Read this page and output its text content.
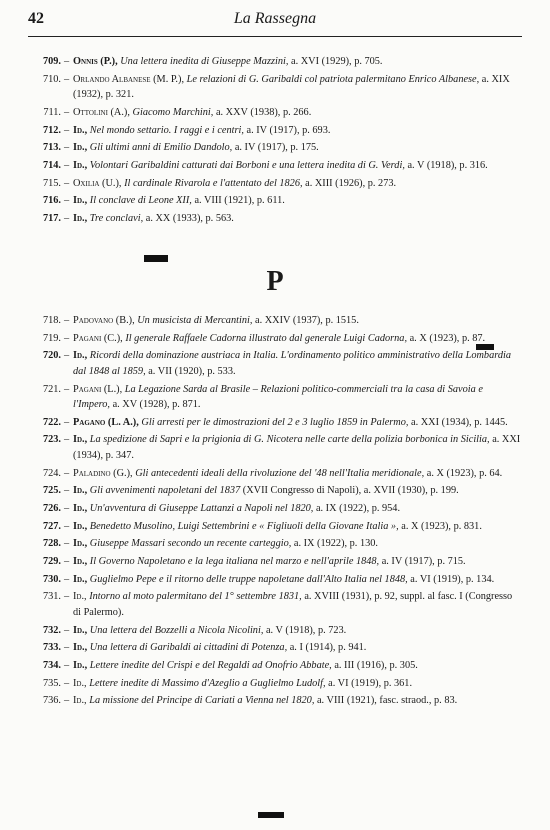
42	La Rassegna
709. – Onnis (P.), Una lettera inedita di Giuseppe Mazzini, a. XVI (1929), p. 705.
710. – Orlando Albanese (M. P.), Le relazioni di G. Garibaldi col patriota palermitano Enrico Albanese, a. XIX (1932), p. 321.
711. – Ottolini (A.), Giacomo Marchini, a. XXV (1938), p. 266.
712. – Id., Nel mondo settario. I raggi e i centri, a. IV (1917), p. 693.
713. – Id., Gli ultimi anni di Emilio Dandolo, a. IV (1917), p. 175.
714. – Id., Volontari Garibaldini catturati dai Borboni e una lettera inedita di G. Verdi, a. V (1918), p. 316.
715. – Oxilia (U.), Il cardinale Rivarola e l'attentato del 1826, a. XIII (1926), p. 273.
716. – Id., Il conclave di Leone XII, a. VIII (1921), p. 611.
717. – Id., Tre conclavi, a. XX (1933), p. 563.
P
718. – Padovano (B.), Un musicista di Mercantini, a. XXIV (1937), p. 1515.
719. – Pagani (C.), Il generale Raffaele Cadorna illustrato dal generale Luigi Cadorna, a. X (1923), p. 87.
720. – Id., Ricordi della dominazione austriaca in Italia. L'ordinamento politico amministrativo della Lombardia dal 1848 al 1859, a. VII (1920), p. 533.
721. – Pagani (L.), La Legazione Sarda al Brasile – Relazioni politico-commerciali tra la casa di Savoia e l'Impero, a. XV (1928), p. 871.
722. – Pagano (L. A.), Gli arresti per le dimostrazioni del 2 e 3 luglio 1859 in Palermo, a. XXI (1934), p. 1445.
723. – Id., La spedizione di Sapri e la prigionia di G. Nicotera nelle carte della polizia borbonica in Sicilia, a. XXI (1934), p. 347.
724. – Paladino (G.), Gli antecedenti ideali della rivoluzione del '48 nell'Italia meridionale, a. X (1923), p. 64.
725. – Id., Gli avvenimenti napoletani del 1837 (XVII Congresso di Napoli), a. XVII (1930), p. 199.
726. – Id., Un'avventura di Giuseppe Lattanzi a Napoli nel 1820, a. IX (1922), p. 954.
727. – Id., Benedetto Musolino, Luigi Settembrini e « Figliuoli della Giovane Italia », a. X (1923), p. 831.
728. – Id., Giuseppe Massari secondo un recente carteggio, a. IX (1922), p. 130.
729. – Id., Il Governo Napoletano e la lega italiana nel marzo e nell'aprile 1848, a. IV (1917), p. 715.
730. – Id., Guglielmo Pepe e il ritorno delle truppe napoletane dall'Alto Italia nel 1848, a. VI (1919), p. 134.
731. – Id., Intorno al moto palermitano del 1° settembre 1831, a. XVIII (1931), p. 92, suppl. al fasc. I (Congresso di Palermo).
732. – Id., Una lettera del Bozzelli a Nicola Nicolini, a. V (1918), p. 723.
733. – Id., Una lettera di Garibaldi ai cittadini di Potenza, a. I (1914), p. 941.
734. – Id., Lettere inedite del Crispi e del Regaldi ad Onofrio Abbate, a. III (1916), p. 305.
735. – Id., Lettere inedite di Massimo d'Azeglio a Guglielmo Ludolf, a. VI (1919), p. 361.
736. – Id., La missione del Principe di Cariati a Vienna nel 1820, a. VIII (1921), fasc. straod., p. 83.
